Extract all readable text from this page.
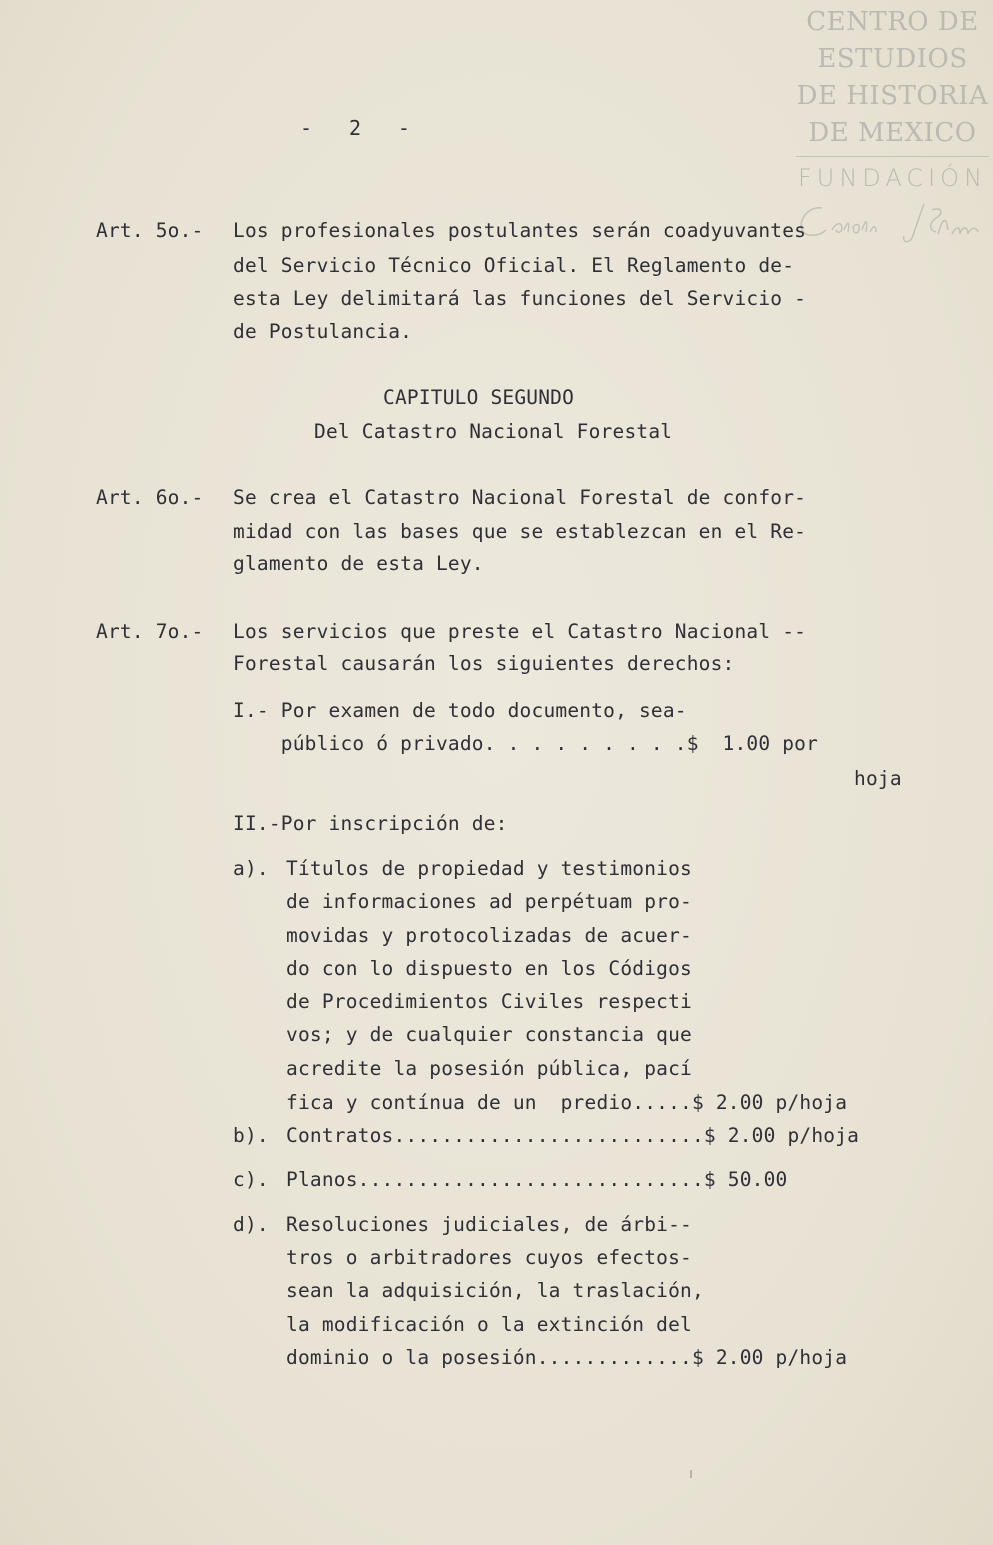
CENTRO DE
ESTUDIOS
DE HISTORIA
DE MEXICO
FUNDACIÓN
-   2   -
Art. 5o.- Los profesionales postulantes serán coadyuvantes
del Servicio Técnico Oficial. El Reglamento de-
esta Ley delimitará las funciones del Servicio -
de Postulancia.
CAPITULO SEGUNDO
Del Catastro Nacional Forestal
Art. 6o.- Se crea el Catastro Nacional Forestal de confor-
midad con las bases que se establezcan en el Re-
glamento de esta Ley.
Art. 7o.- Los servicios que preste el Catastro Nacional --
Forestal causarán los siguientes derechos:
I.- Por examen de todo documento, sea-
público ó privado. . . . . . . . .$  1.00 por
hoja
II.-Por inscripción de:
a). Títulos de propiedad y testimonios
de informaciones ad perpétuam pro-
movidas y protocolizadas de acuer-
do con lo dispuesto en los Códigos
de Procedimientos Civiles respecti
vos; y de cualquier constancia que
acredite la posesión pública, pací
fica y contínua de un  predio.....$ 2.00 p/hoja
b). Contratos..........................$ 2.00 p/hoja
c). Planos.............................$ 50.00
d). Resoluciones judiciales, de árbi--
tros o arbitradores cuyos efectos-
sean la adquisición, la traslación,
la modificación o la extinción del
dominio o la posesión.............$ 2.00 p/hoja
